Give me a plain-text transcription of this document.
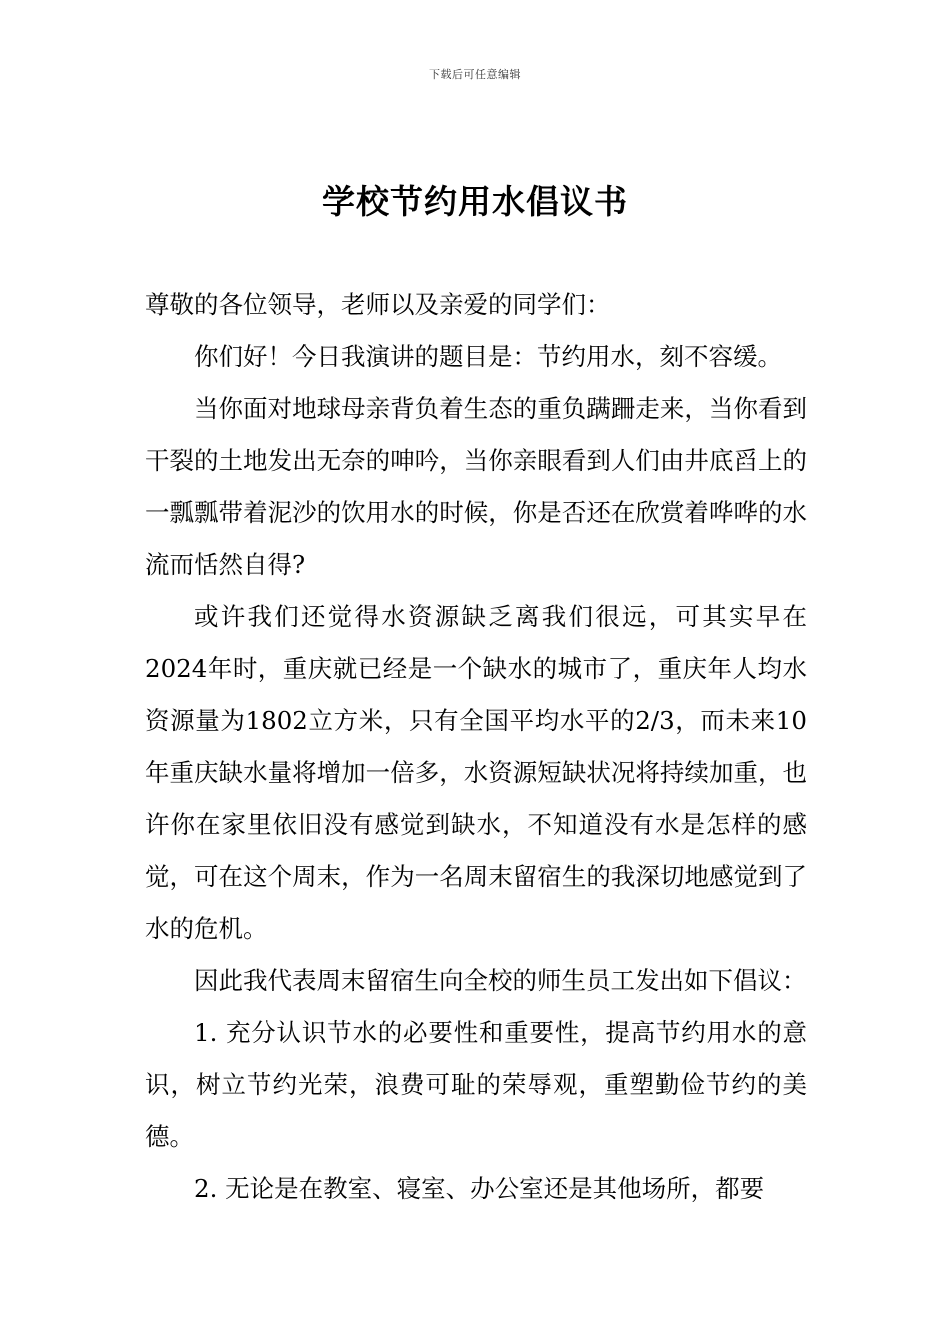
下载后可任意编辑
学校节约用水倡议书

尊敬的各位领导，老师以及亲爱的同学们：

你们好！今日我演讲的题目是：节约用水，刻不容缓。

当你面对地球母亲背负着生态的重负蹒跚走来，当你看到干裂的土地发出无奈的呻吟，当你亲眼看到人们由井底舀上的一瓢瓢带着泥沙的饮用水的时候，你是否还在欣赏着哗哗的水流而恬然自得?

或许我们还觉得水资源缺乏离我们很远，可其实早在2024年时，重庆就已经是一个缺水的城市了，重庆年人均水资源量为1802立方米，只有全国平均水平的2/3，而未来10年重庆缺水量将增加一倍多，水资源短缺状况将持续加重，也许你在家里依旧没有感觉到缺水，不知道没有水是怎样的感觉，可在这个周末，作为一名周末留宿生的我深切地感觉到了水的危机。

因此我代表周末留宿生向全校的师生员工发出如下倡议：

1. 充分认识节水的必要性和重要性，提高节约用水的意识，树立节约光荣，浪费可耻的荣辱观，重塑勤俭节约的美德。

2. 无论是在教室、寝室、办公室还是其他场所，都要
